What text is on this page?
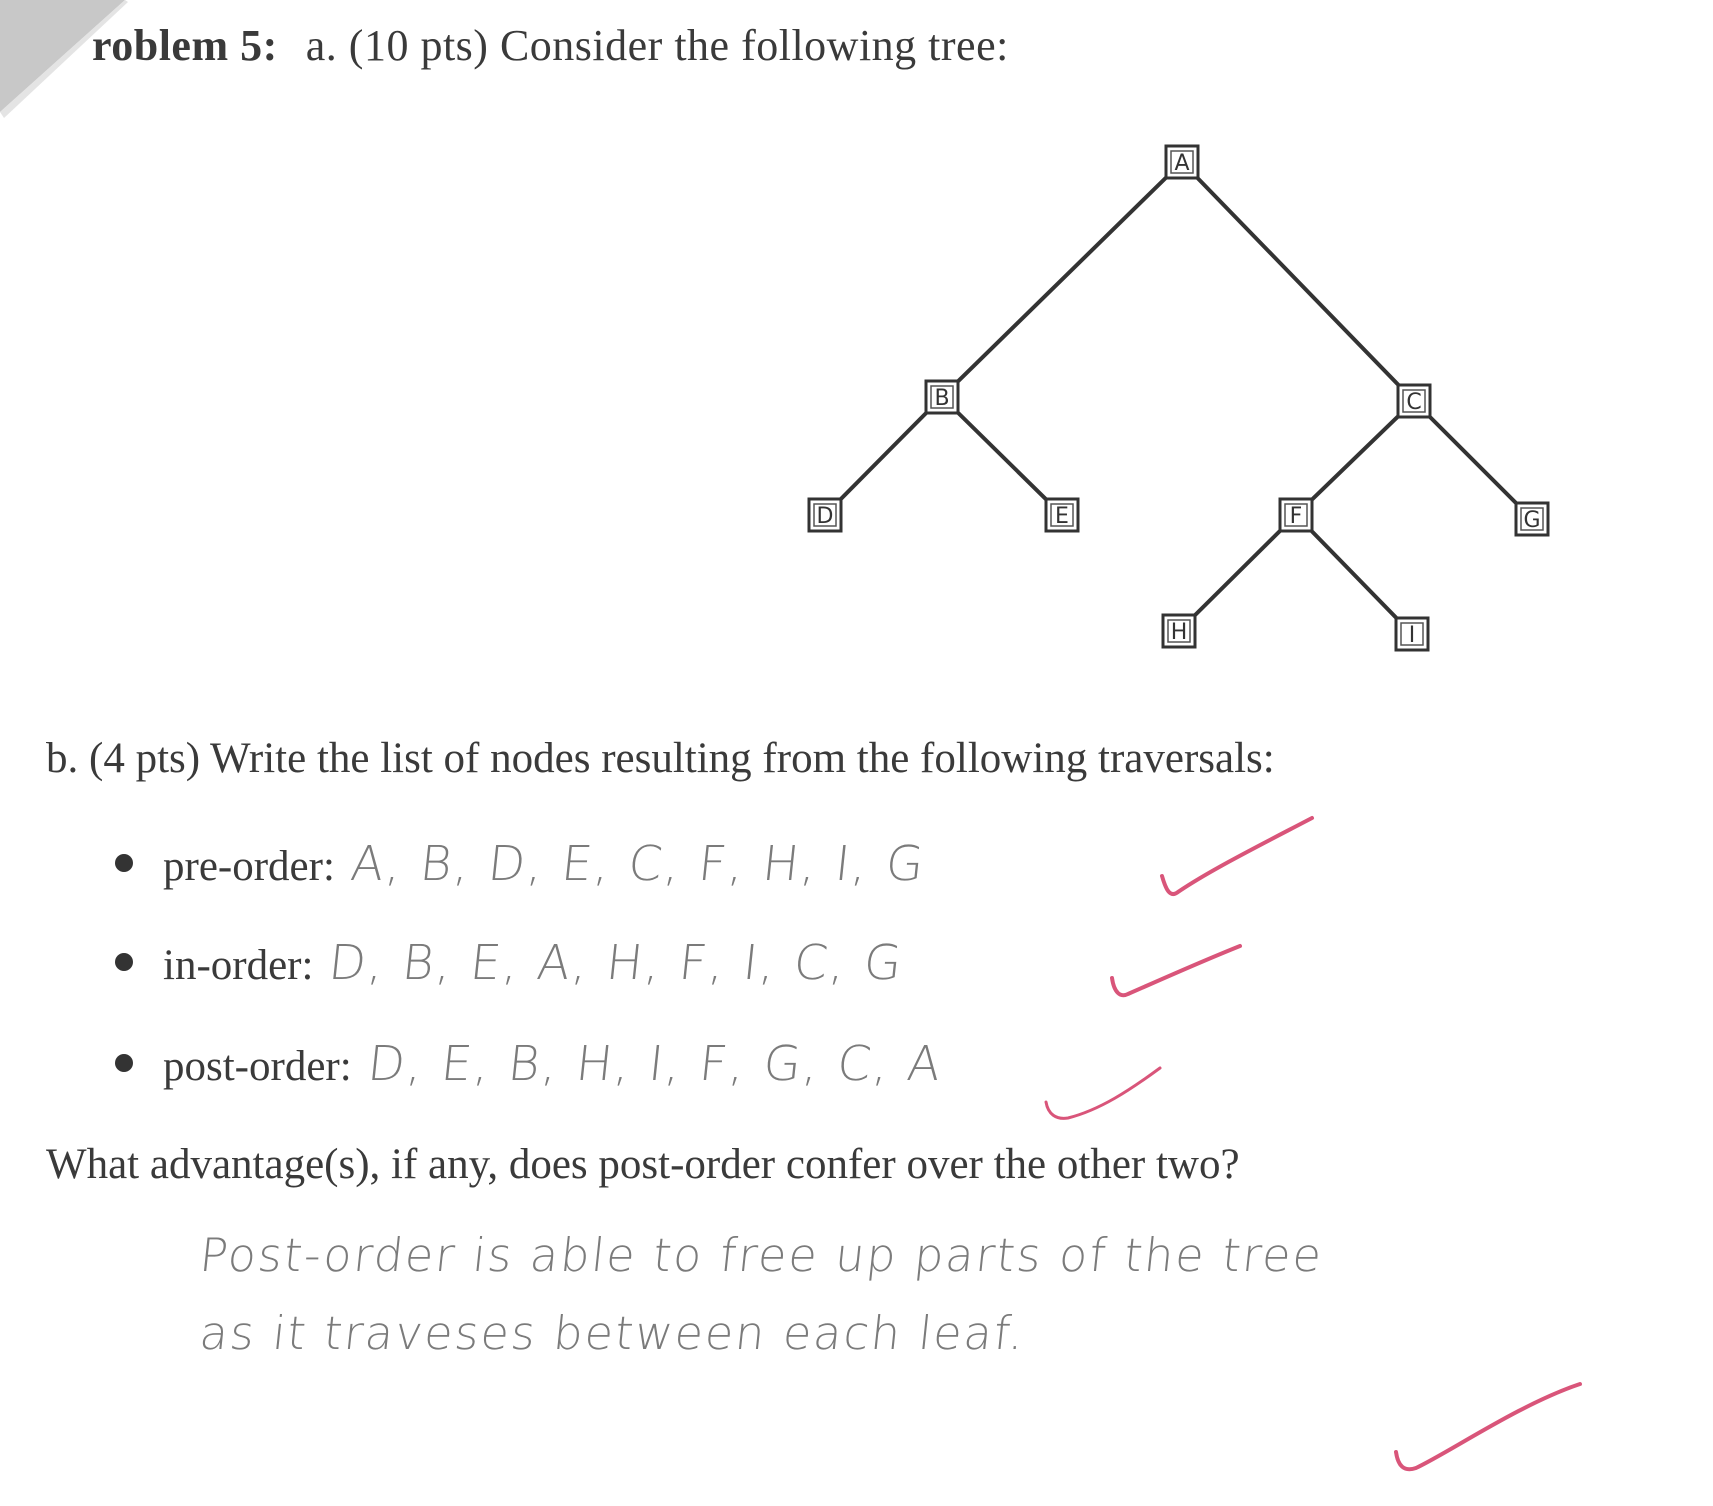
roblem 5: a. (10 pts) Consider the following tree:
A
B	C
D	E	F	G
H	I
b. (4 pts) Write the list of nodes resulting from the following traversals:
pre-order: A, B, D, E, C, F, H, I, G
in-order: D, B, E, A, H, F, I, C, G
post-order: D, E, B, H, I, F, G, C, A
What advantage(s), if any, does post-order confer over the other two?
Post-order is able to free up parts of the tree
as it traveses between each leaf.
